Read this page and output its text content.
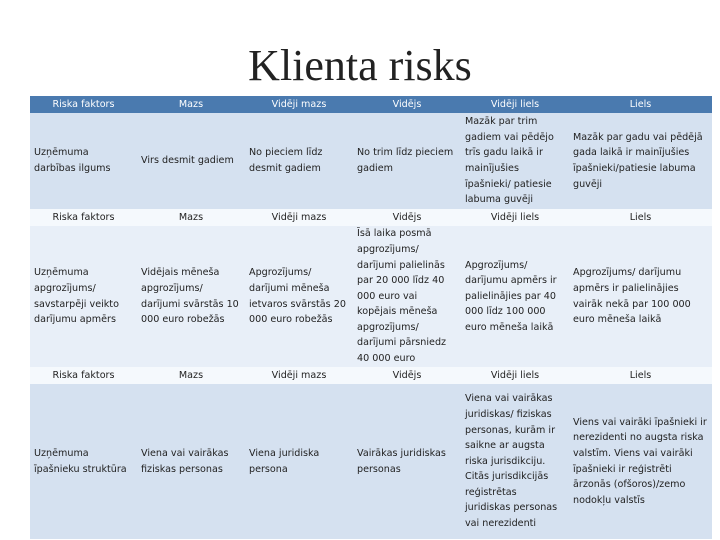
Klienta risks
Riska faktors	Mazs	Vidēji mazs	Vidējs	Vidēji liels	Liels
Uzņēmuma darbības ilgums	Virs desmit gadiem	No pieciem līdz desmit gadiem	No trim līdz pieciem gadiem	Mazāk par trim gadiem vai pēdējo trīs gadu laikā ir mainījušies īpašnieki/ patiesie labuma guvēji	Mazāk par gadu vai pēdējā gada laikā ir mainījušies īpašnieki/patiesie labuma guvēji
Riska faktors	Mazs	Vidēji mazs	Vidējs	Vidēji liels	Liels
Uzņēmuma apgrozījums/ savstarpēji veikto darījumu apmērs	Vidējais mēneša apgrozījums/ darījumi svārstās 10 000 euro robežās	Apgrozījums/ darījumi mēneša ietvaros svārstās 20 000 euro robežās	Īsā laika posmā apgrozījums/ darījumi palielinās par 20 000 līdz 40 000 euro vai kopējais mēneša apgrozījums/ darījumi pārsniedz 40 000 euro	Apgrozījums/ darījumu apmērs ir palielinājies par 40 000 līdz 100 000 euro mēneša laikā	Apgrozījums/ darījumu apmērs ir palielinājies vairāk nekā par 100 000 euro mēneša laikā
Riska faktors	Mazs	Vidēji mazs	Vidējs	Vidēji liels	Liels
Uzņēmuma īpašnieku struktūra	Viena vai vairākas fiziskas personas	Viena juridiska persona	Vairākas juridiskas personas	Viena vai vairākas juridiskas/ fiziskas personas, kurām ir saikne ar augsta riska jurisdikciju. Citās jurisdikcijās reģistrētas juridiskas personas vai nerezidenti	Viens vai vairāki īpašnieki ir nerezidenti no augsta riska valstīm. Viens vai vairāki īpašnieki ir reģistrēti ārzonās (ofšoros)/zemo nodokļu valstīs
